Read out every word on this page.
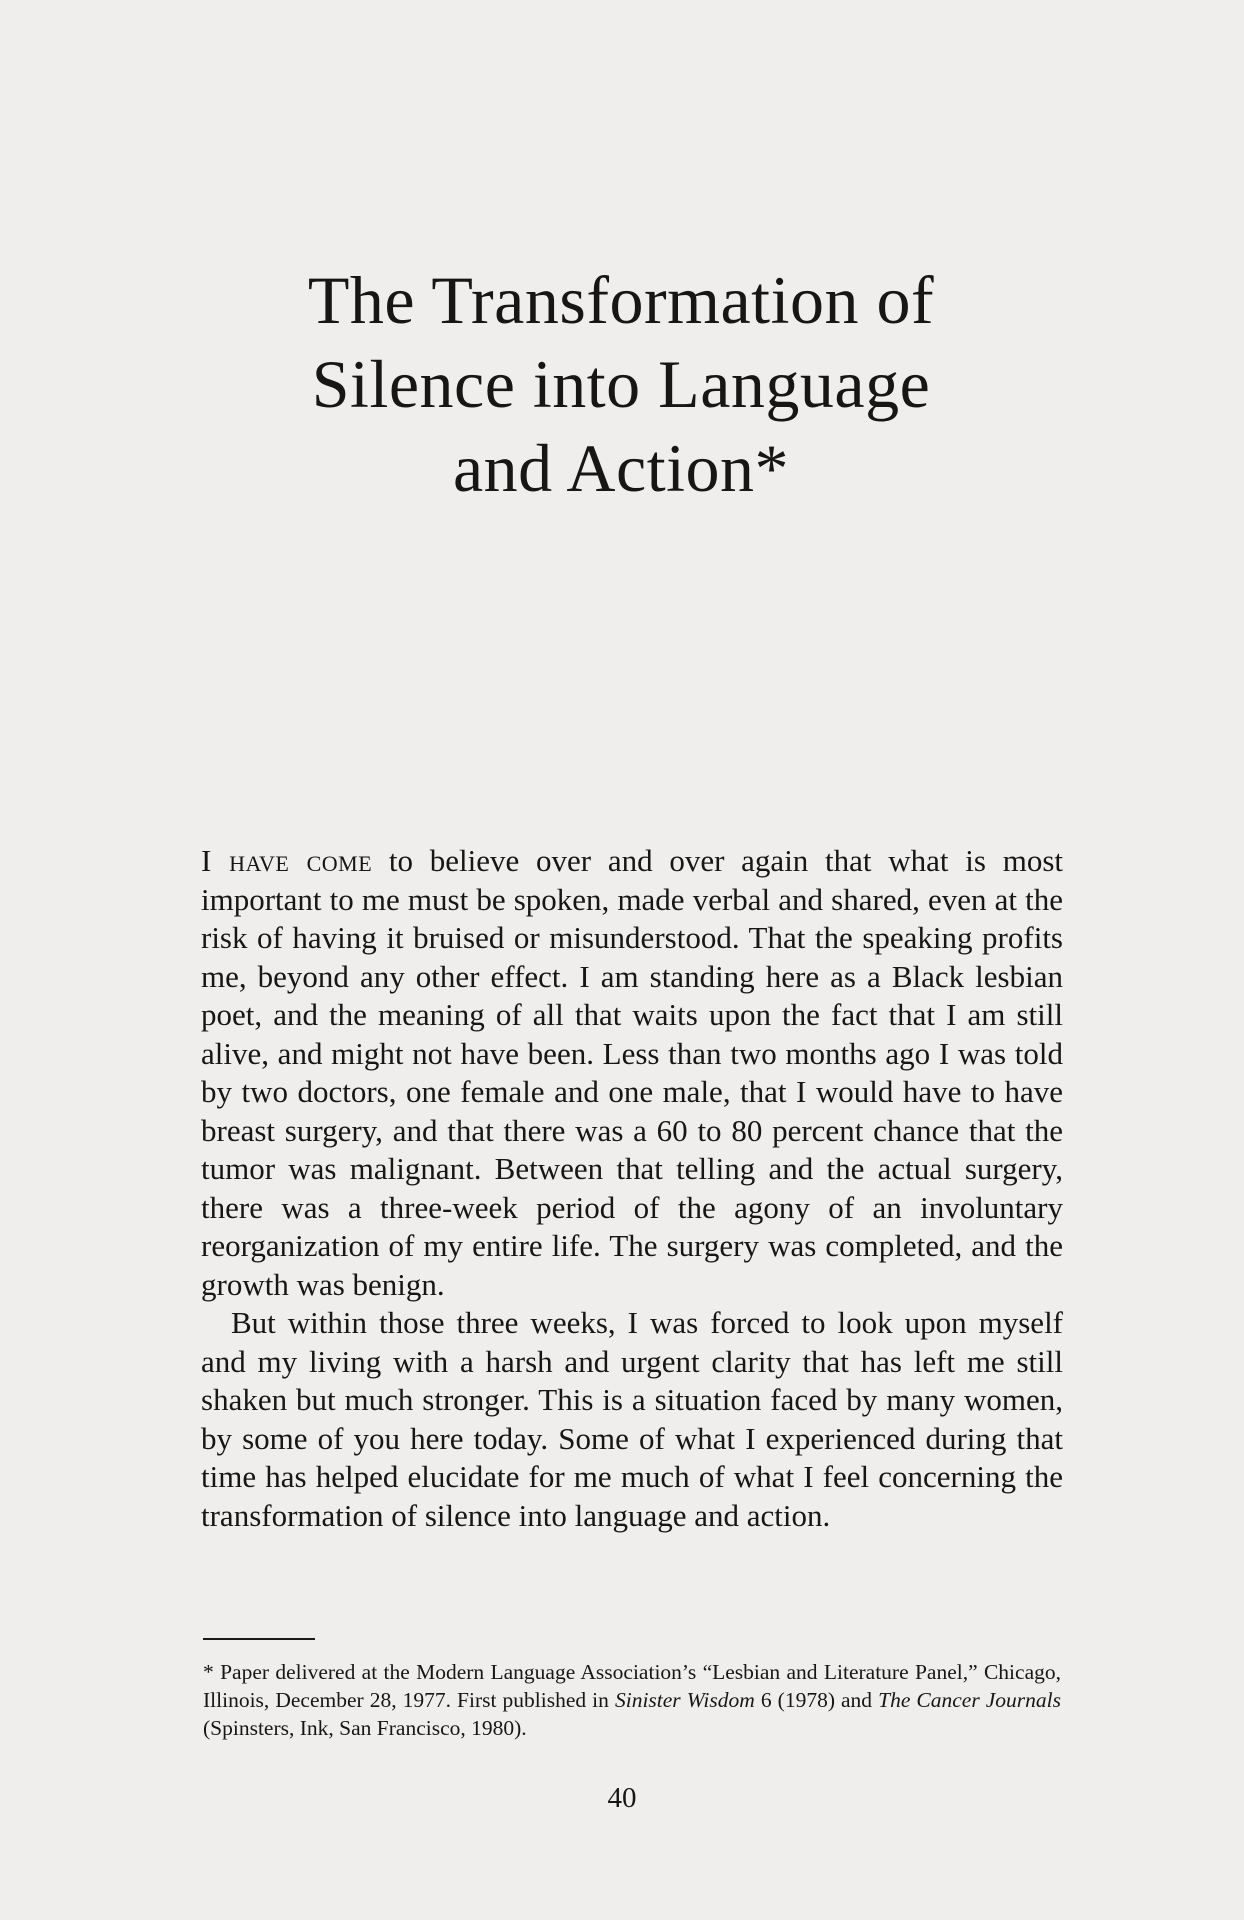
The Transformation of
Silence into Language
and Action*

I have come to believe over and over again that what is most important to me must be spoken, made verbal and shared, even at the risk of having it bruised or misunderstood. That the speaking profits me, beyond any other effect. I am standing here as a Black lesbian poet, and the meaning of all that waits upon the fact that I am still alive, and might not have been. Less than two months ago I was told by two doctors, one female and one male, that I would have to have breast surgery, and that there was a 60 to 80 percent chance that the tumor was malignant. Between that telling and the actual surgery, there was a three-week period of the agony of an involuntary reorganization of my entire life. The surgery was completed, and the growth was benign.

But within those three weeks, I was forced to look upon myself and my living with a harsh and urgent clarity that has left me still shaken but much stronger. This is a situation faced by many women, by some of you here today. Some of what I experienced during that time has helped elucidate for me much of what I feel concerning the transformation of silence into language and action.

* Paper delivered at the Modern Language Association’s “Lesbian and Literature Panel,” Chicago, Illinois, December 28, 1977. First published in Sinister Wisdom 6 (1978) and The Cancer Journals (Spinsters, Ink, San Francisco, 1980).

40
